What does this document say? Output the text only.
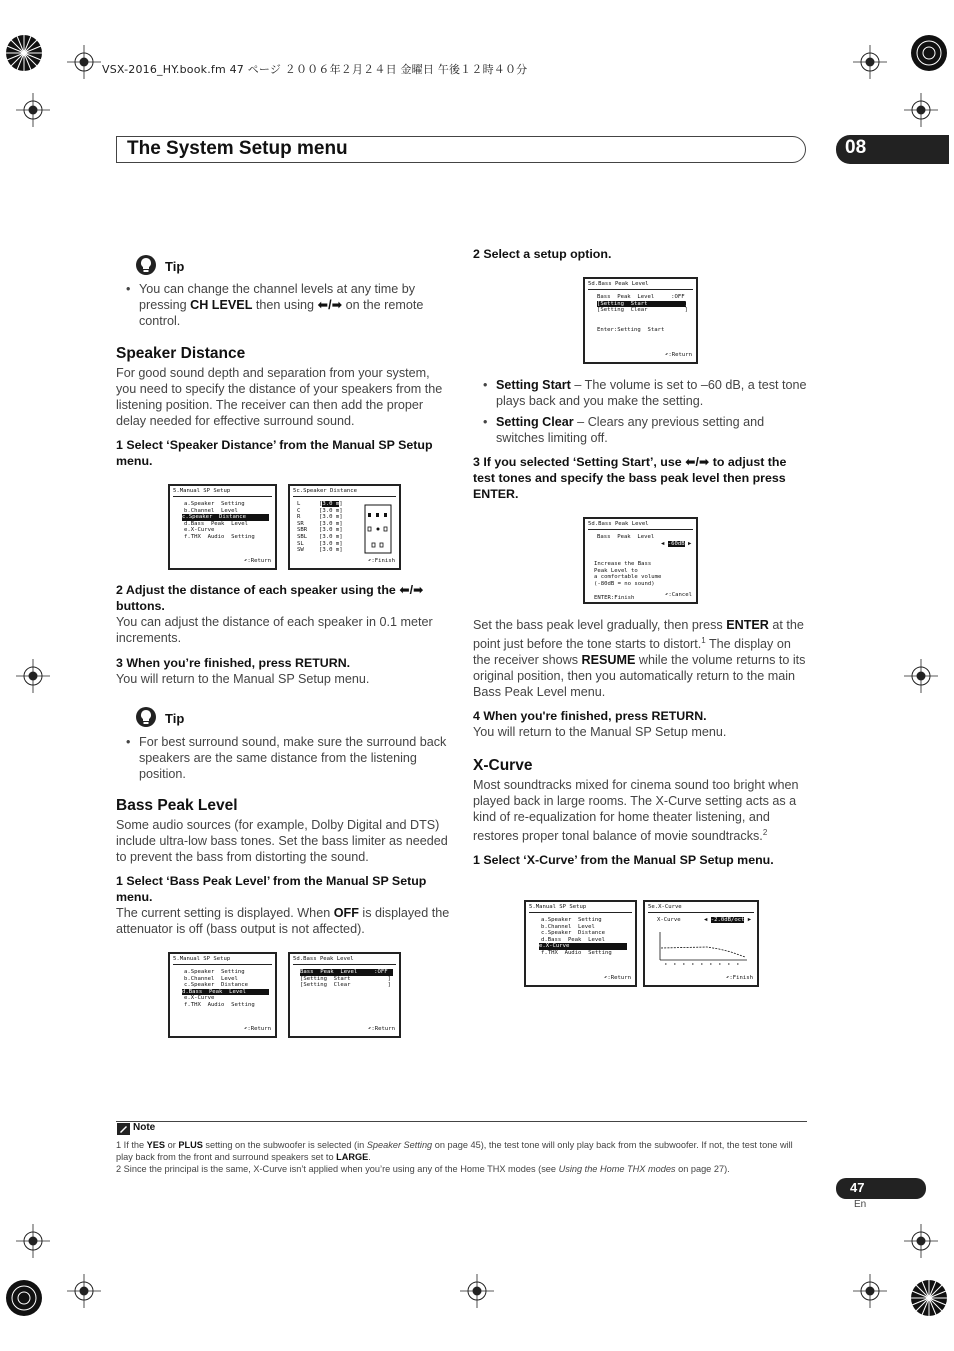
VSX-2016_HY.book.fm 47 ページ ２００６年２月２４日 金曜日 午後１２時４０分
The System Setup menu	08
Tip
• You can change the channel levels at any time by pressing CH LEVEL then using ⬅/➡ on the remote control.
Speaker Distance
For good sound depth and separation from your system, you need to specify the distance of your speakers from the listening position. The receiver can then add the proper delay needed for effective surround sound.
1 Select ‘Speaker Distance’ from the Manual SP Setup menu.
5.Manual SP Setup
a.Speaker  Setting
b.Channel  Level
c.Speaker  Distance
d.Bass  Peak  Level
e.X-Curve
f.THX  Audio  Setting
↶:Return
5c.Speaker Distance
L	[3.0 m]
C	[3.0 m]
R	[3.0 m]
SR	[3.0 m]
SBR [3.0 m]
SBL [3.0 m]
SL	[3.0 m]
SW	[3.0 m]
↶:Finish
2 Adjust the distance of each speaker using the ⬅/➡ buttons.
You can adjust the distance of each speaker in 0.1 meter increments.
3 When you’re finished, press RETURN.
You will return to the Manual SP Setup menu.
Tip
• For best surround sound, make sure the surround back speakers are the same distance from the listening position.
Bass Peak Level
Some audio sources (for example, Dolby Digital and DTS) include ultra-low bass tones. Set the bass limiter as needed to prevent the bass from distorting the sound.
1 Select ‘Bass Peak Level’ from the Manual SP Setup menu.
The current setting is displayed. When OFF is displayed the attenuator is off (bass output is not affected).
5.Manual SP Setup
a.Speaker  Setting
b.Channel  Level
c.Speaker  Distance
d.Bass  Peak  Level
e.X-Curve
f.THX  Audio  Setting
↶:Return
5d.Bass Peak Level
Bass  Peak  Level     :OFF
[Setting  Start           ]
[Setting  Clear           ]
↶:Return
2 Select a setup option.
5d.Bass Peak Level
Bass  Peak  Level     :OFF
[Setting  Start           ]
[Setting  Clear           ]
Enter:Setting  Start
↶:Return
• Setting Start – The volume is set to –60 dB, a test tone plays back and you make the setting.
• Setting Clear – Clears any previous setting and switches limiting off.
3 If you selected ‘Setting Start’, use ⬅/➡ to adjust the test tones and specify the bass peak level then press ENTER.
5d.Bass Peak Level
Bass  Peak  Level
◀ -60dB ▶
Increase the Bass
Peak Level to
a comfortable volume
(-80dB = no sound)
ENTER:Finish	↶:Cancel
Set the bass peak level gradually, then press ENTER at the point just before the tone starts to distort.$^1$ The display on the receiver shows RESUME while the volume returns to its original position, then you automatically return to the main Bass Peak Level menu.
4 When you're finished, press RETURN.
You will return to the Manual SP Setup menu.
X-Curve
Most soundtracks mixed for cinema sound too bright when played back in large rooms. The X-Curve setting acts as a kind of re-equalization for home theater listening, and restores proper tonal balance of movie soundtracks.$^2$
1 Select ‘X-Curve’ from the Manual SP Setup menu.
5.Manual SP Setup
a.Speaker  Setting
b.Channel  Level
c.Speaker  Distance
d.Bass  Peak  Level
e.X-Curve
f.THX  Audio  Setting
↶:Return
5e.X-Curve
X-Curve	◀ -2.0dB/oct ▶
↶:Finish
Note
1 If the YES or PLUS setting on the subwoofer is selected (in Speaker Setting on page 45), the test tone will only play back from the subwoofer. If not, the test tone will play back from the front and surround speakers set to LARGE.
2 Since the principal is the same, X-Curve isn’t applied when you’re using any of the Home THX modes (see Using the Home THX modes on page 27).
47
En
